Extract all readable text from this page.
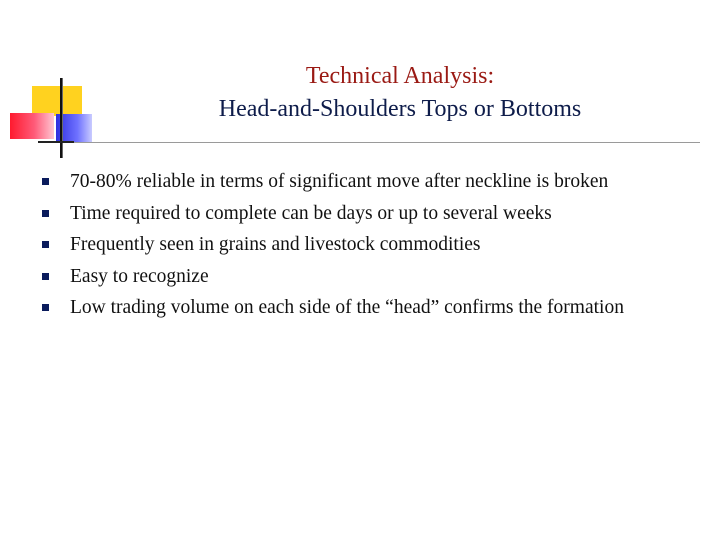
Technical Analysis:
Head-and-Shoulders Tops or Bottoms
70-80% reliable in terms of significant move after neckline is broken
Time required to complete can be days or up to several weeks
Frequently seen in grains and livestock commodities
Easy to recognize
Low trading volume on each side of the “head” confirms the formation
